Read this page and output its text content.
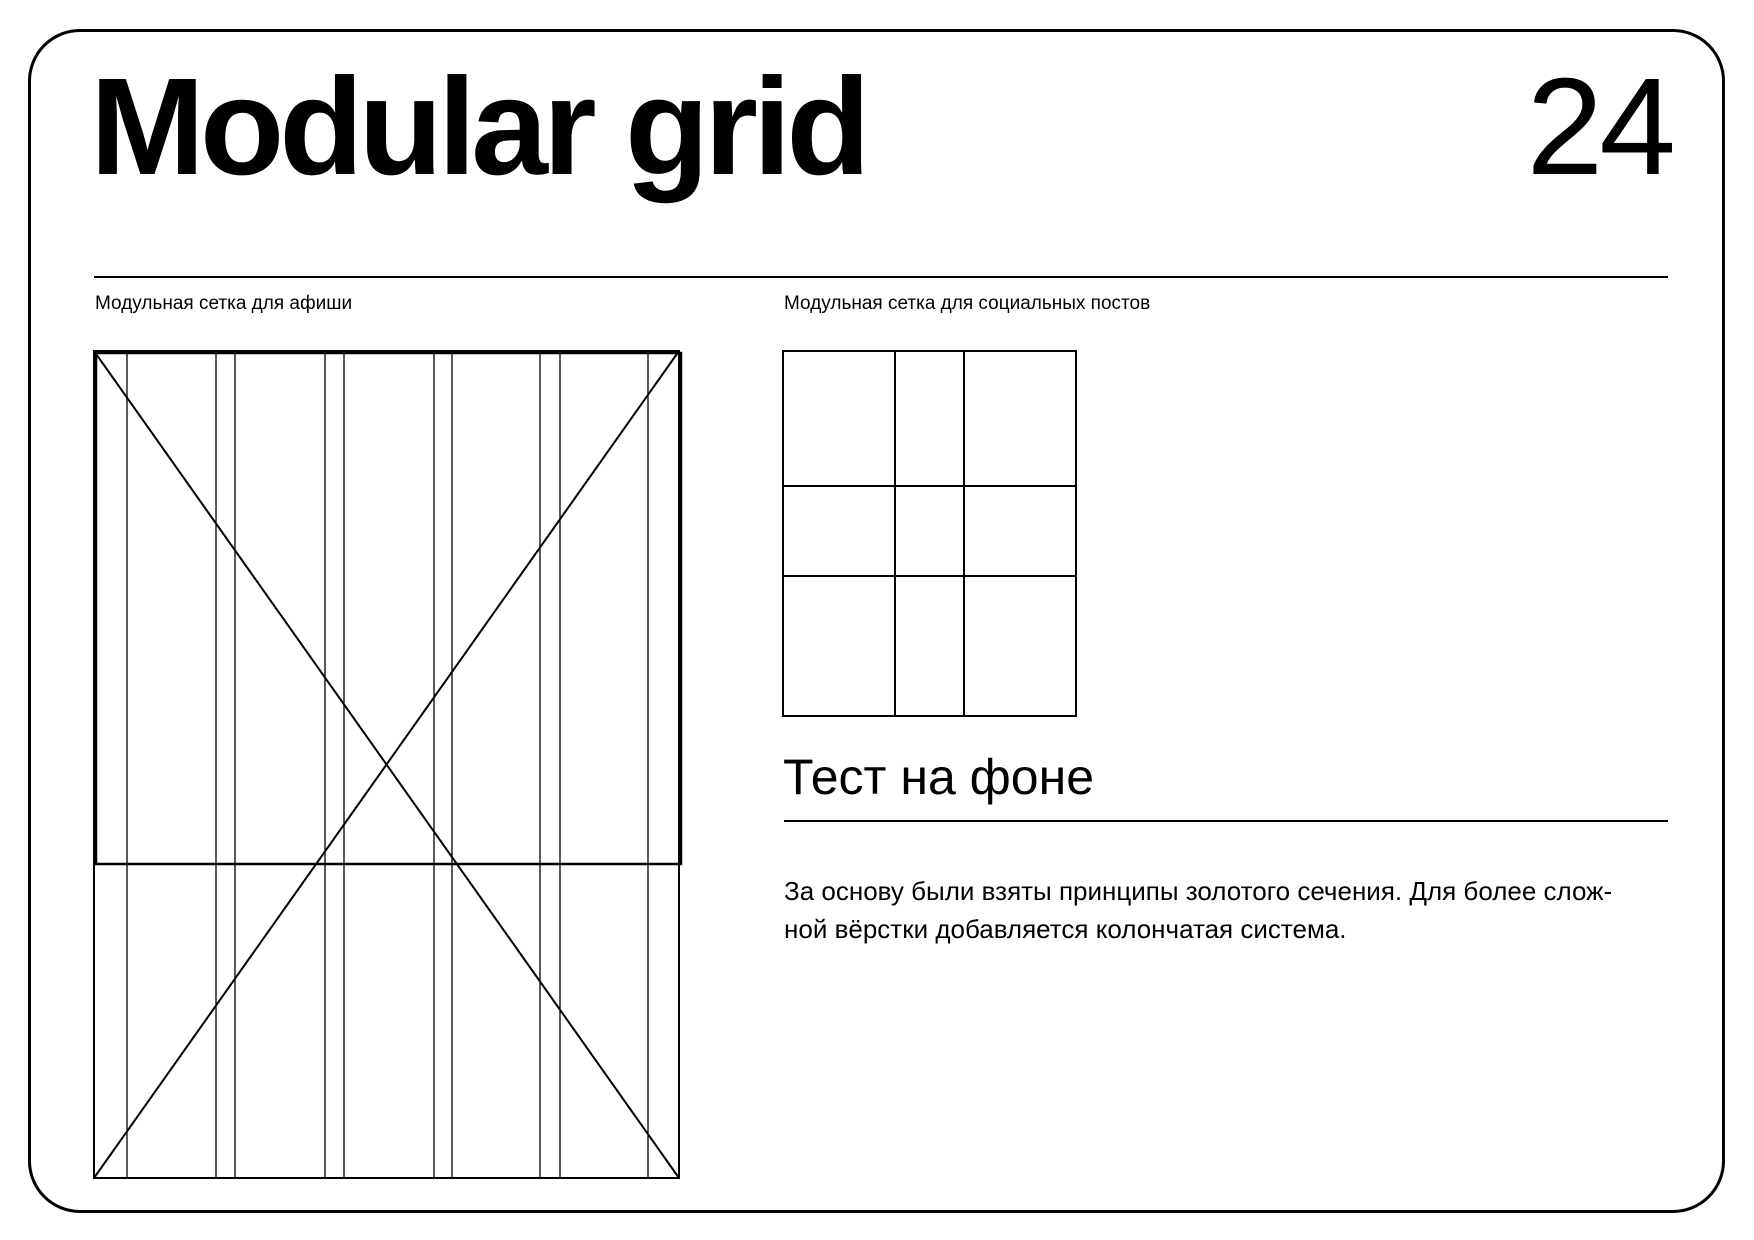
Modular grid	24
Модульная сетка для афиши	Модульная сетка для социальных постов
Тест на фоне

За основу были взяты принципы золотого сечения. Для более слож-
ной вёрстки добавляется колончатая система.
